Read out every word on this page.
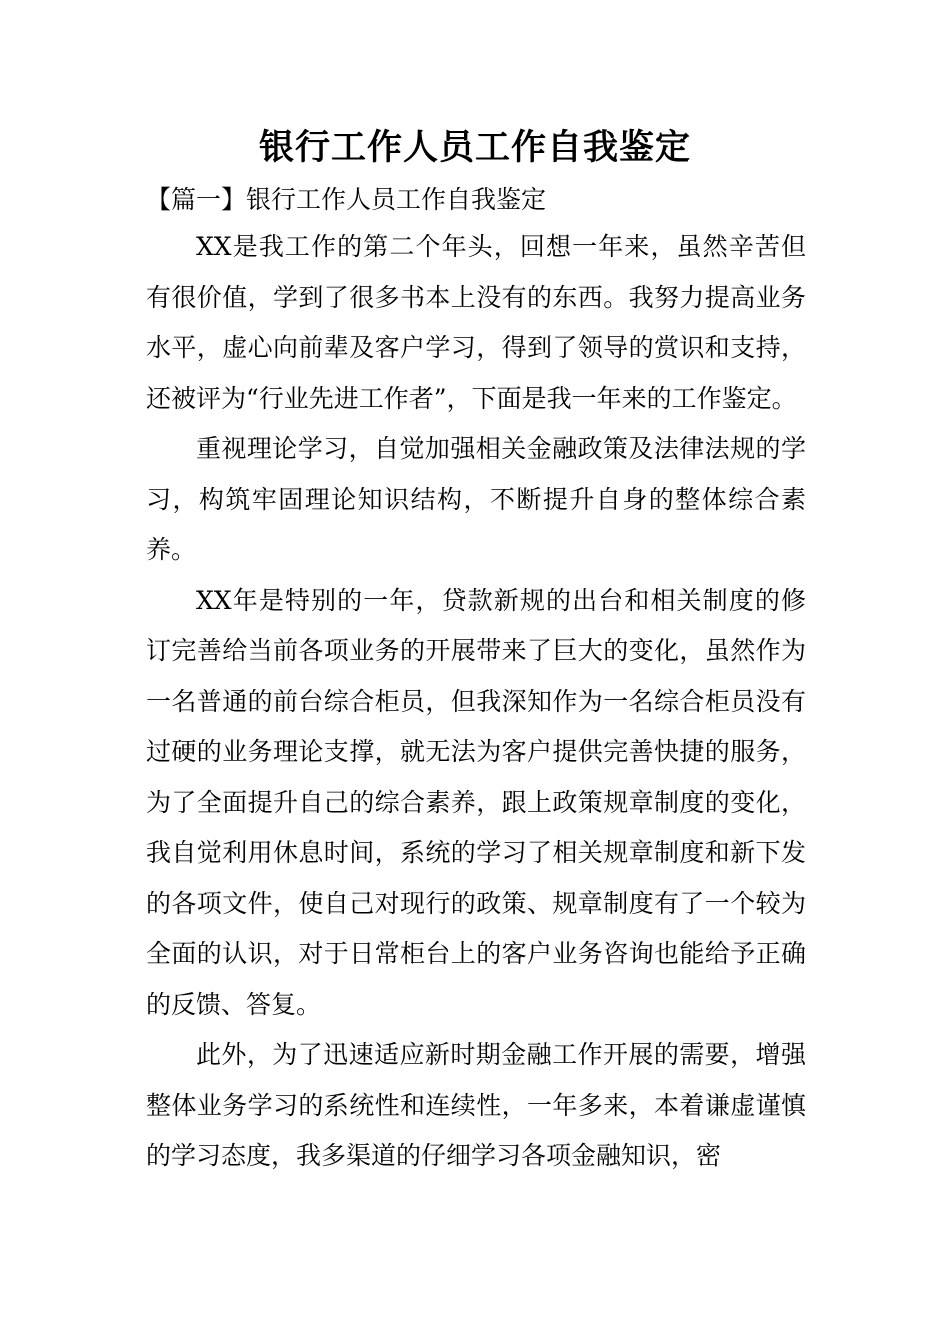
银行工作人员工作自我鉴定
【篇一】银行工作人员工作自我鉴定

XX是我工作的第二个年头，回想一年来，虽然辛苦但有很价值，学到了很多书本上没有的东西。我努力提高业务水平，虚心向前辈及客户学习，得到了领导的赏识和支持，还被评为“行业先进工作者”，下面是我一年来的工作鉴定。

重视理论学习，自觉加强相关金融政策及法律法规的学习，构筑牢固理论知识结构，不断提升自身的整体综合素养。

XX年是特别的一年，贷款新规的出台和相关制度的修订完善给当前各项业务的开展带来了巨大的变化，虽然作为一名普通的前台综合柜员，但我深知作为一名综合柜员没有过硬的业务理论支撑，就无法为客户提供完善快捷的服务，为了全面提升自己的综合素养，跟上政策规章制度的变化，我自觉利用休息时间，系统的学习了相关规章制度和新下发的各项文件，使自己对现行的政策、规章制度有了一个较为全面的认识，对于日常柜台上的客户业务咨询也能给予正确的反馈、答复。

此外，为了迅速适应新时期金融工作开展的需要，增强整体业务学习的系统性和连续性，一年多来，本着谦虚谨慎的学习态度，我多渠道的仔细学习各项金融知识，密
